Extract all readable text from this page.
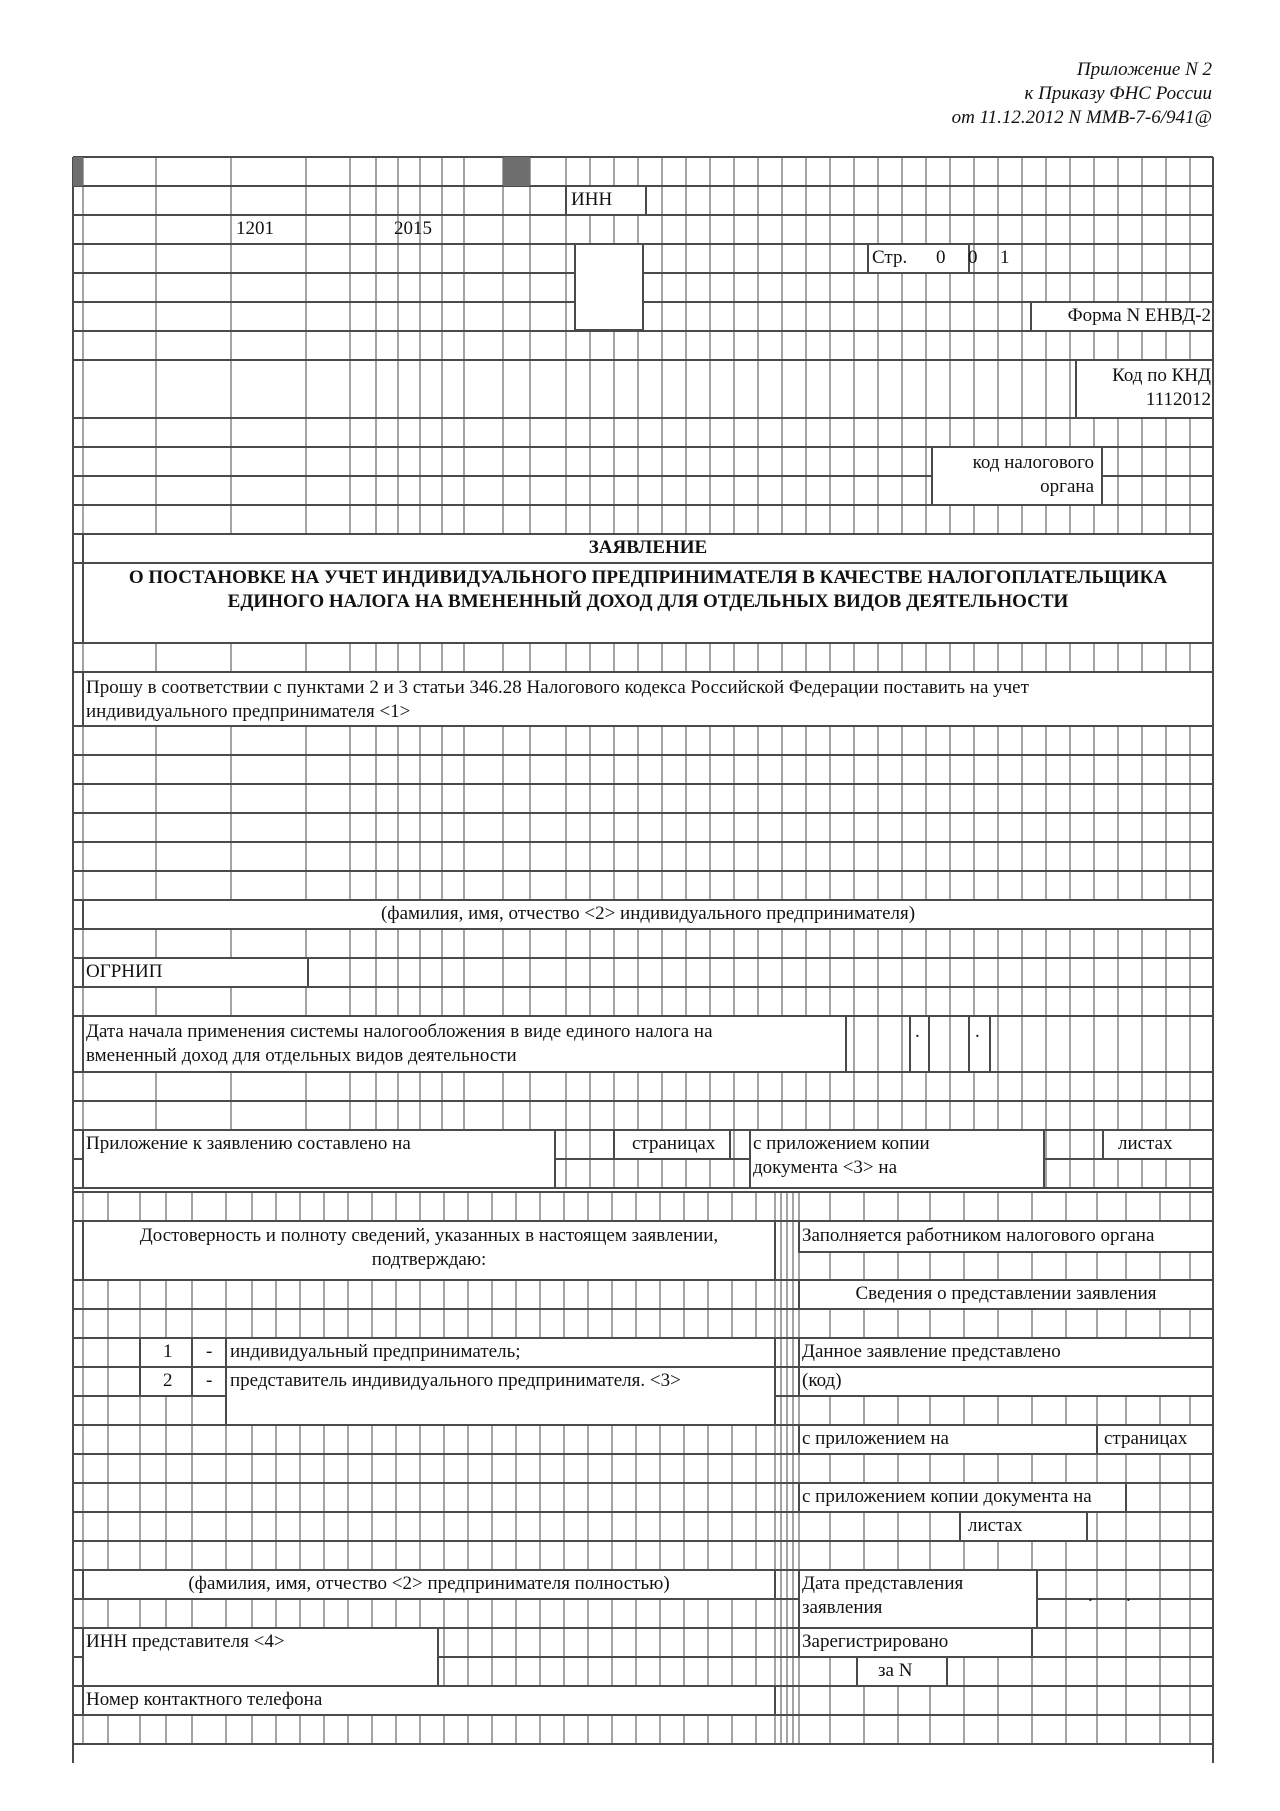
Приложение N 2
к Приказу ФНС России
от 11.12.2012 N ММВ-7-6/941@
ИНН
1201	2015
Стр. 0 0 1
Форма N ЕНВД-2
Код по КНД
1112012
код налогового
органа
ЗАЯВЛЕНИЕ
О ПОСТАНОВКЕ НА УЧЕТ ИНДИВИДУАЛЬНОГО ПРЕДПРИНИМАТЕЛЯ В КАЧЕСТВЕ НАЛОГОПЛАТЕЛЬЩИКА ЕДИНОГО НАЛОГА НА ВМЕНЕННЫЙ ДОХОД ДЛЯ ОТДЕЛЬНЫХ ВИДОВ ДЕЯТЕЛЬНОСТИ
Прошу в соответствии с пунктами 2 и 3 статьи 346.28 Налогового кодекса Российской Федерации поставить на учет
индивидуального предпринимателя <1>
(фамилия, имя, отчество <2> индивидуального предпринимателя)
ОГРНИП
Дата начала применения системы налогообложения в виде единого налога на
вмененный доход для отдельных видов деятельности
.	.
Приложение к заявлению составлено на	страницах с приложением копии
документа <3> на
листах
Достоверность и полноту сведений, указанных в настоящем заявлении,
подтверждаю:
1 - индивидуальный предприниматель;
2 - представитель индивидуального предпринимателя. <3>
(фамилия, имя, отчество <2> предпринимателя полностью)
ИНН представителя <4>
Номер контактного телефона
Заполняется работником налогового органа
Сведения о представлении заявления
Данное заявление представлено
(код)
с приложением на	страницах
с приложением копии документа на
листах
Дата представления
заявления
. .
Зарегистрировано
за N
